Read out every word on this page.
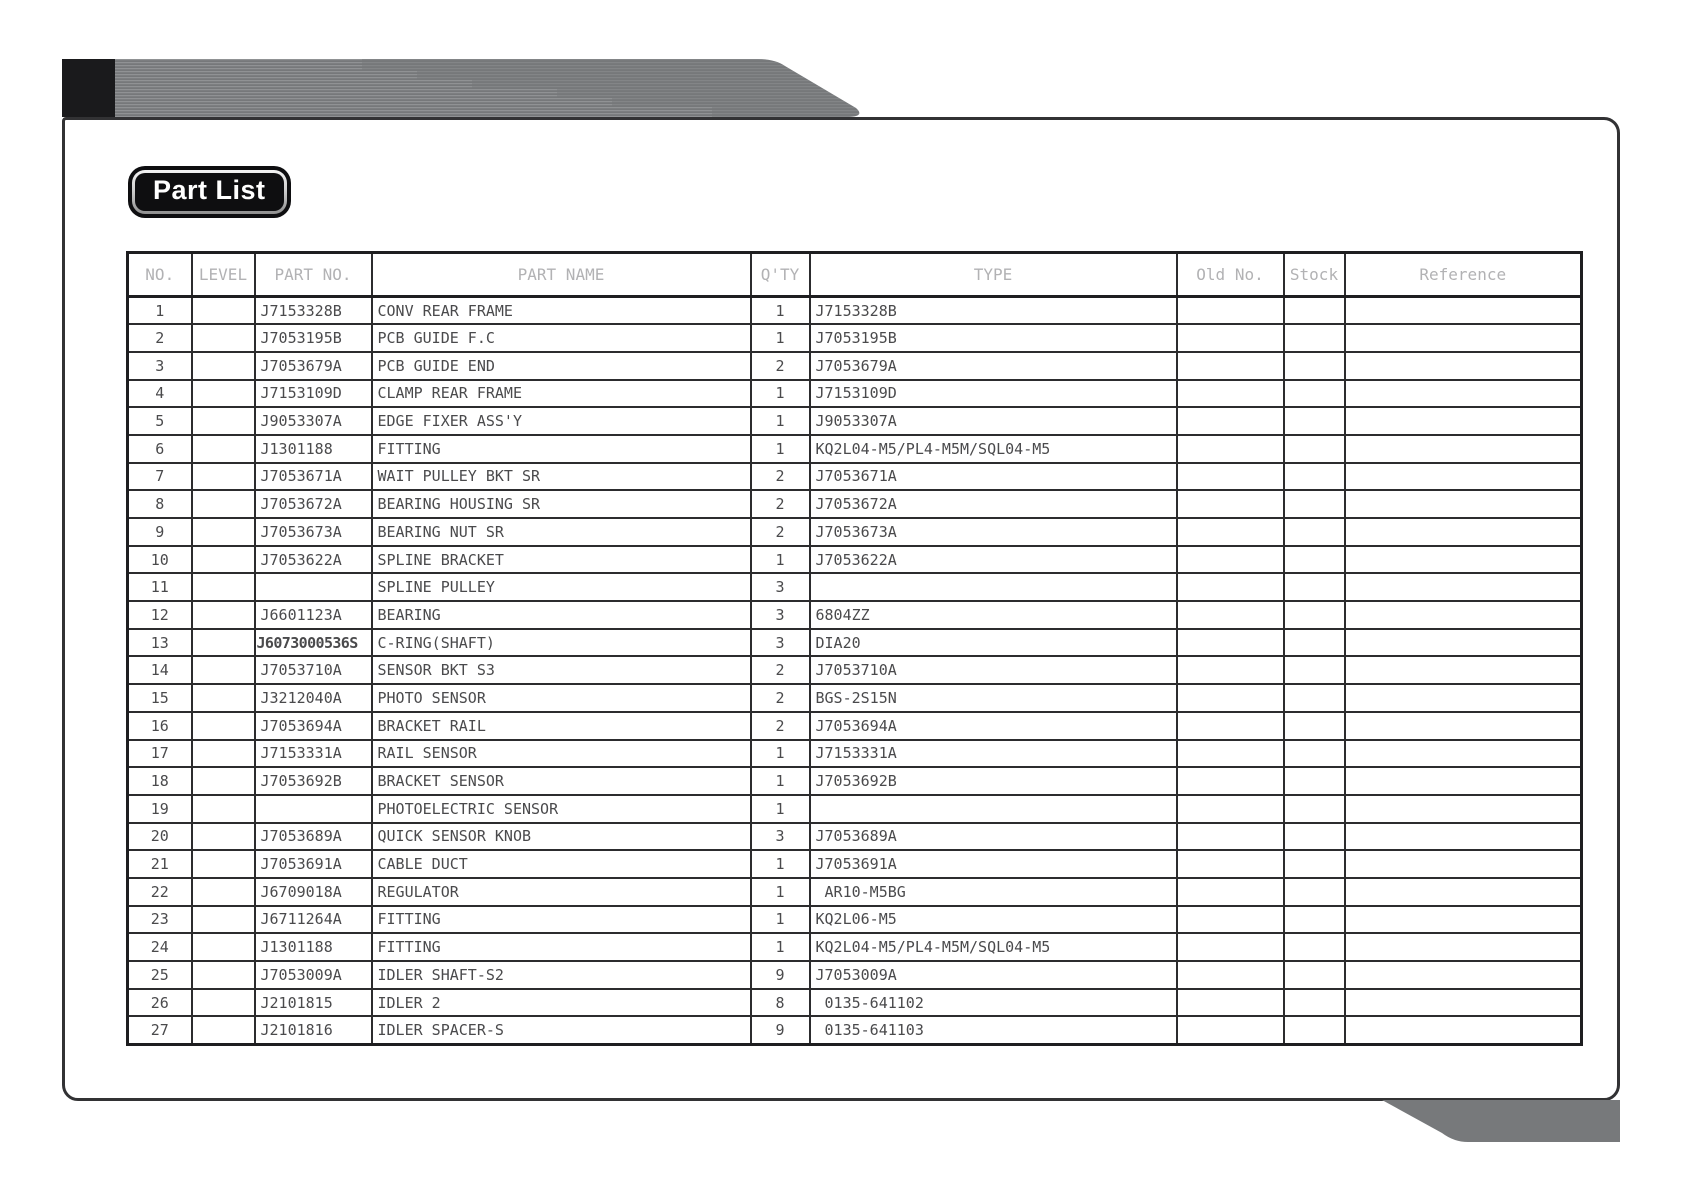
Part List
NO.	LEVEL	PART NO.	PART NAME	Q'TY	TYPE	Old No.	Stock	Reference
1		J7153328B	CONV REAR FRAME	1	J7153328B			
2		J7053195B	PCB GUIDE F.C	1	J7053195B			
3		J7053679A	PCB GUIDE END	2	J7053679A			
4		J7153109D	CLAMP REAR FRAME	1	J7153109D			
5		J9053307A	EDGE FIXER ASS'Y	1	J9053307A			
6		J1301188	FITTING	1	KQ2L04-M5/PL4-M5M/SQL04-M5			
7		J7053671A	WAIT PULLEY BKT SR	2	J7053671A			
8		J7053672A	BEARING HOUSING SR	2	J7053672A			
9		J7053673A	BEARING NUT SR	2	J7053673A			
10		J7053622A	SPLINE BRACKET	1	J7053622A			
11			SPLINE PULLEY	3				
12		J6601123A	BEARING	3	6804ZZ			
13		J6073000536S	C-RING(SHAFT)	3	DIA20			
14		J7053710A	SENSOR BKT S3	2	J7053710A			
15		J3212040A	PHOTO SENSOR	2	BGS-2S15N			
16		J7053694A	BRACKET RAIL	2	J7053694A			
17		J7153331A	RAIL SENSOR	1	J7153331A			
18		J7053692B	BRACKET SENSOR	1	J7053692B			
19			PHOTOELECTRIC SENSOR	1				
20		J7053689A	QUICK SENSOR KNOB	3	J7053689A			
21		J7053691A	CABLE DUCT	1	J7053691A			
22		J6709018A	REGULATOR	1	AR10-M5BG			
23		J6711264A	FITTING	1	KQ2L06-M5			
24		J1301188	FITTING	1	KQ2L04-M5/PL4-M5M/SQL04-M5			
25		J7053009A	IDLER SHAFT-S2	9	J7053009A			
26		J2101815	IDLER 2	8	0135-641102			
27		J2101816	IDLER SPACER-S	9	0135-641103			
